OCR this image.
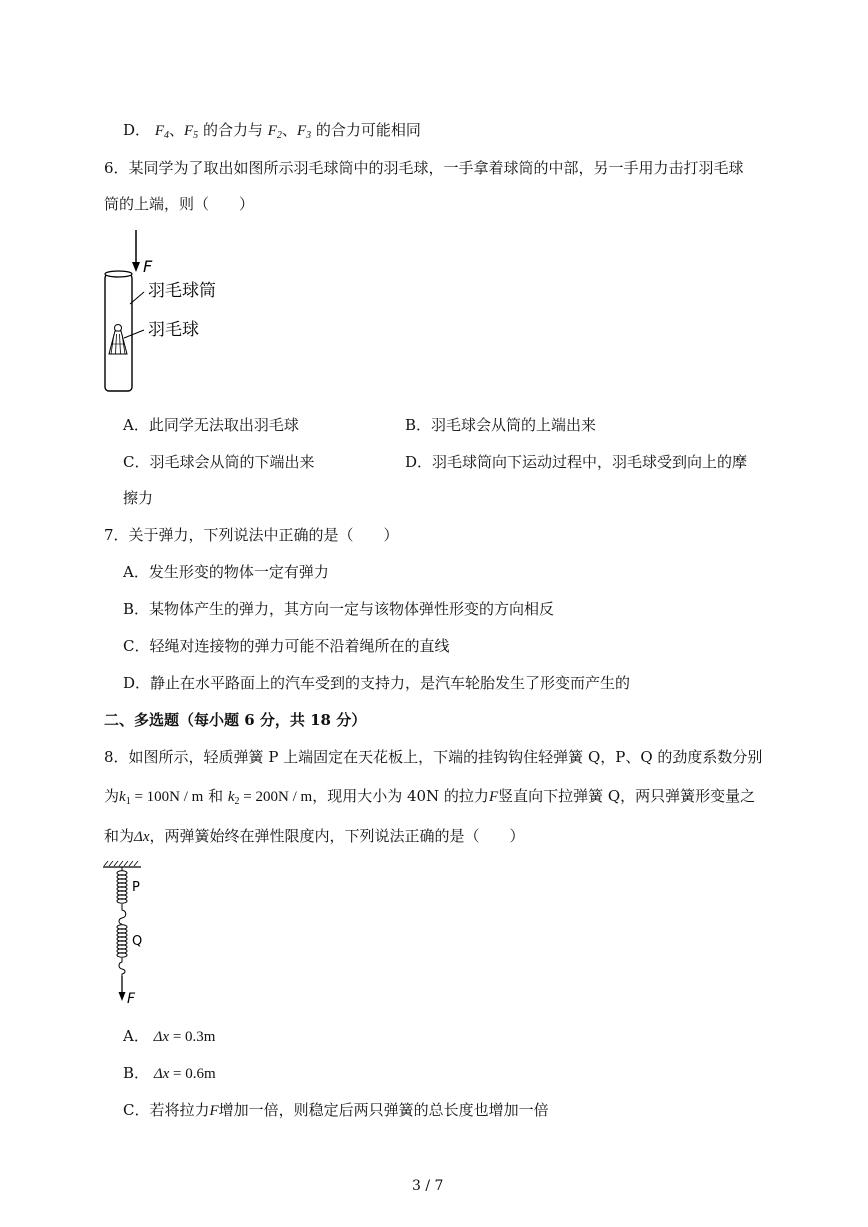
D． $F_4$、$F_5$ 的合力与 $F_2$、$F_3$ 的合力可能相同
6．某同学为了取出如图所示羽毛球筒中的羽毛球，一手拿着球筒的中部，另一手用力击打羽毛球
筒的上端，则（　　）
F
羽毛球筒
羽毛球
A．此同学无法取出羽毛球	B．羽毛球会从筒的上端出来
C．羽毛球会从筒的下端出来	D．羽毛球筒向下运动过程中，羽毛球受到向上的摩
擦力
7．关于弹力，下列说法中正确的是（　　）
A．发生形变的物体一定有弹力
B．某物体产生的弹力，其方向一定与该物体弹性形变的方向相反
C．轻绳对连接物的弹力可能不沿着绳所在的直线
D．静止在水平路面上的汽车受到的支持力，是汽车轮胎发生了形变而产生的
二、多选题（每小题 6 分，共 18 分）
8．如图所示，轻质弹簧 P 上端固定在天花板上，下端的挂钩钩住轻弹簧 Q，P、Q 的劲度系数分别
为$k_1 = 100N / m$ 和 $k_2 = 200N / m$，现用大小为 40N 的拉力F竖直向下拉弹簧 Q，两只弹簧形变量之
和为Δx，两弹簧始终在弹性限度内，下列说法正确的是（　　）
P
Q
F
A． Δx = 0.3m
B． Δx = 0.6m
C．若将拉力F增加一倍，则稳定后两只弹簧的总长度也增加一倍
3 / 7
